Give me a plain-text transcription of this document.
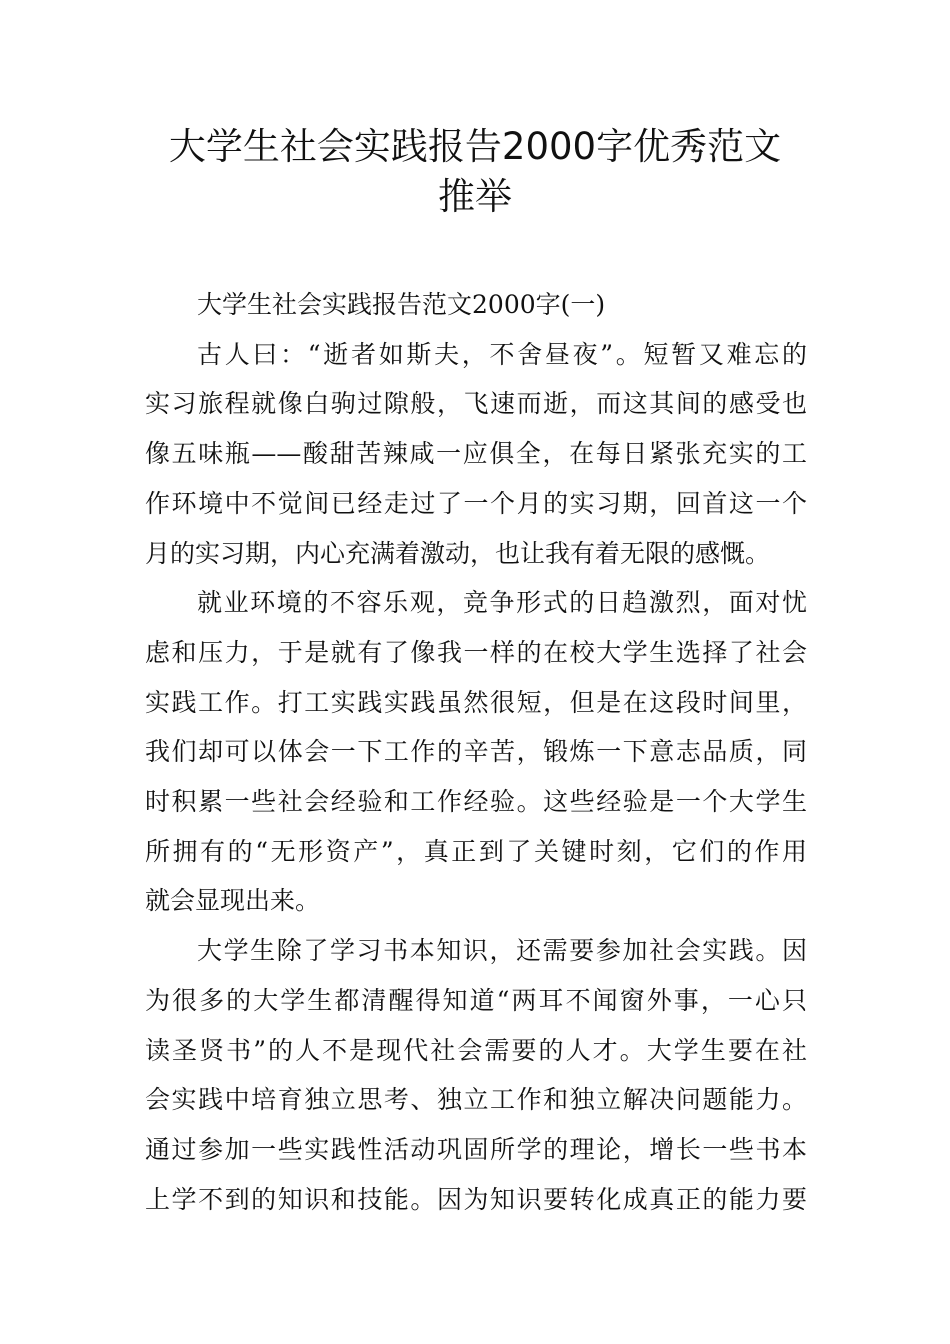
大学生社会实践报告2000字优秀范文
推举

大学生社会实践报告范文2000字(一)

古人曰：“逝者如斯夫，不舍昼夜”。短暂又难忘的
实习旅程就像白驹过隙般，飞速而逝，而这其间的感受也
像五味瓶——酸甜苦辣咸一应俱全，在每日紧张充实的工
作环境中不觉间已经走过了一个月的实习期，回首这一个
月的实习期，内心充满着激动，也让我有着无限的感慨。

就业环境的不容乐观，竞争形式的日趋激烈，面对忧
虑和压力，于是就有了像我一样的在校大学生选择了社会
实践工作。打工实践实践虽然很短，但是在这段时间里，
我们却可以体会一下工作的辛苦，锻炼一下意志品质，同
时积累一些社会经验和工作经验。这些经验是一个大学生
所拥有的“无形资产”，真正到了关键时刻，它们的作用
就会显现出来。

大学生除了学习书本知识，还需要参加社会实践。因
为很多的大学生都清醒得知道“两耳不闻窗外事，一心只
读圣贤书”的人不是现代社会需要的人才。大学生要在社
会实践中培育独立思考、独立工作和独立解决问题能力。
通过参加一些实践性活动巩固所学的理论，增长一些书本
上学不到的知识和技能。因为知识要转化成真正的能力要
